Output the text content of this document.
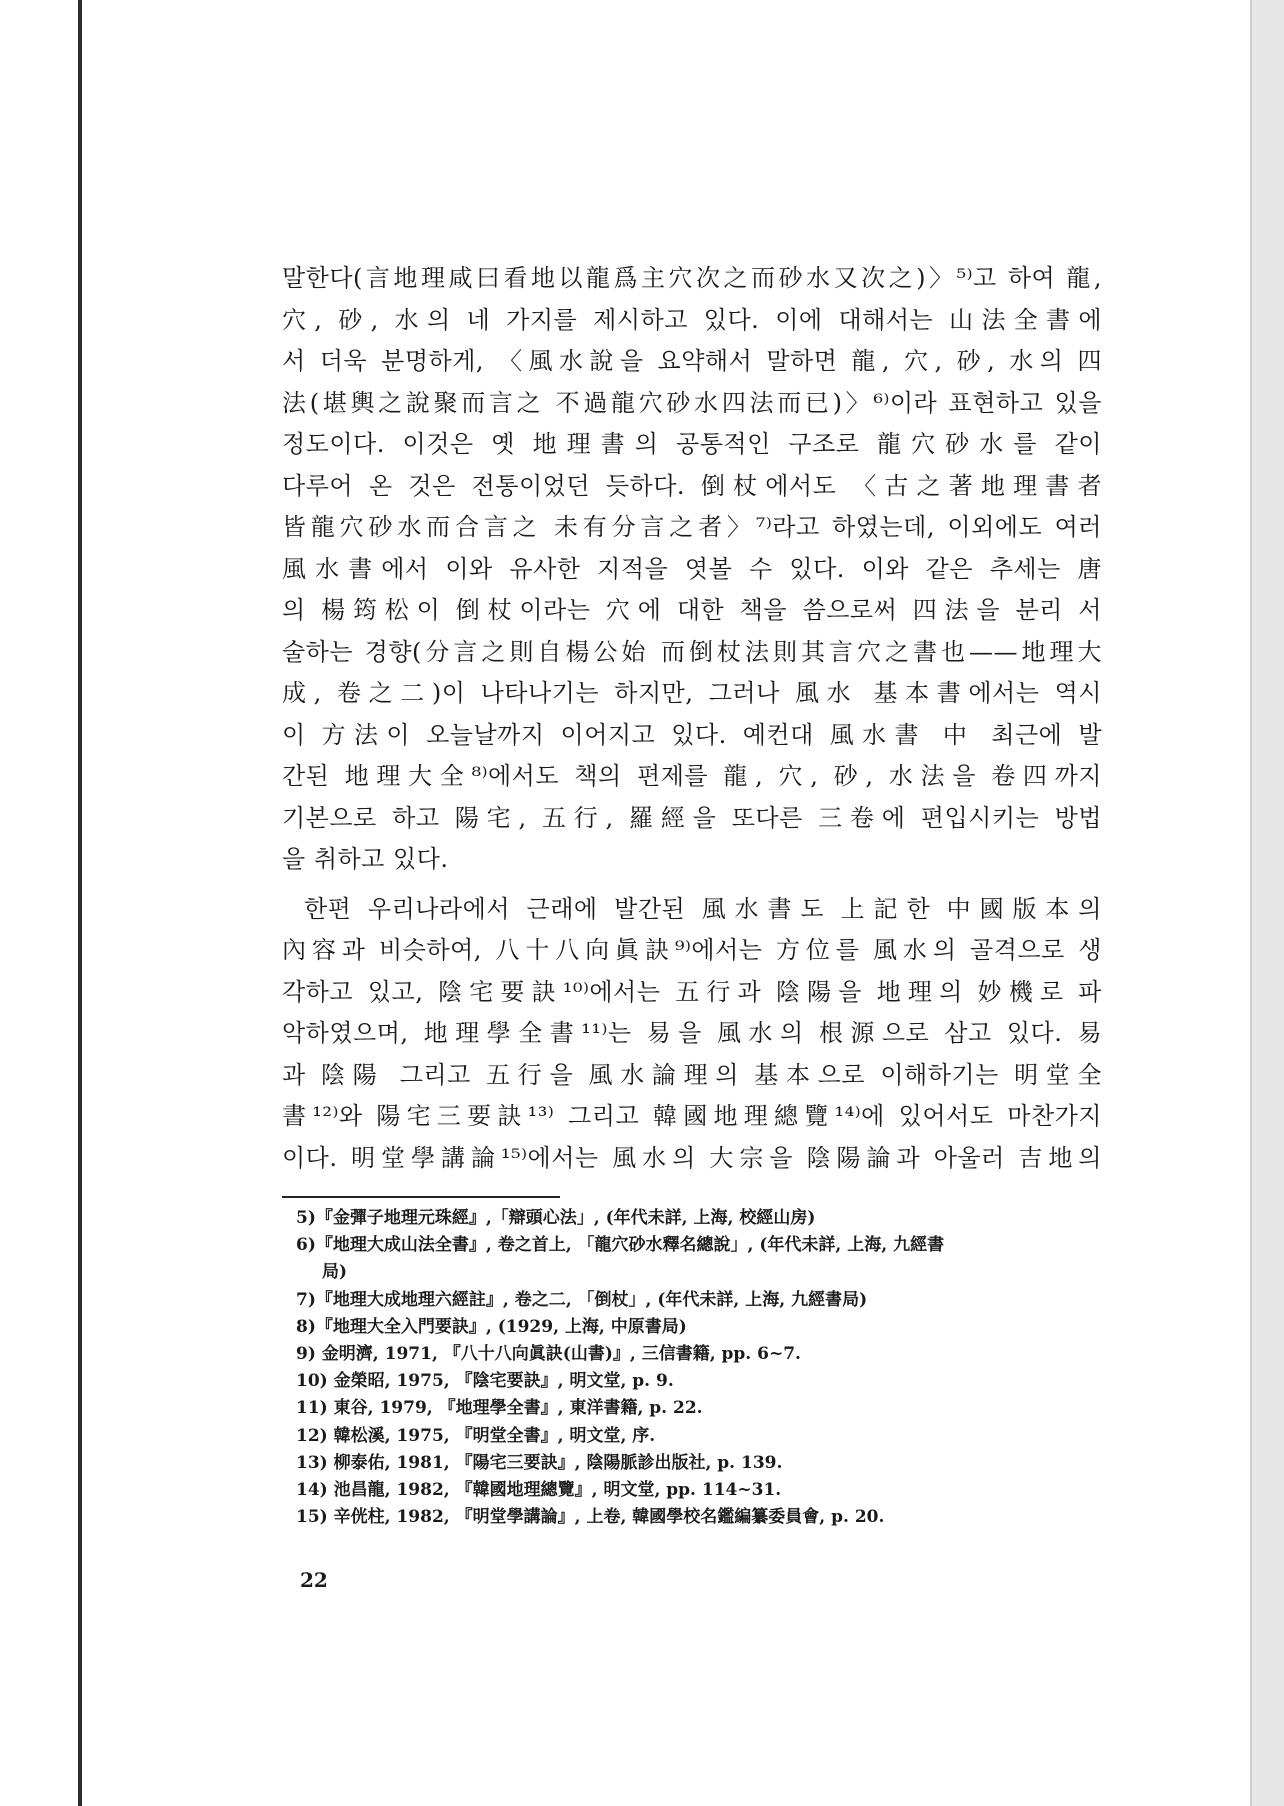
말한다(言地理咸曰看地以龍爲主穴次之而砂水又次之)〉⁵⁾고 하여 龍,
穴, 砂, 水의 네 가지를 제시하고 있다. 이에 대해서는 山法全書에
서 더욱 분명하게, 〈風水說을 요약해서 말하면 龍, 穴, 砂, 水의 四
法(堪輿之說聚而言之 不過龍穴砂水四法而已)〉⁶⁾이라 표현하고 있을
정도이다. 이것은 옛 地理書의 공통적인 구조로 龍穴砂水를 같이
다루어 온 것은 전통이었던 듯하다. 倒杖에서도 〈古之著地理書者
皆龍穴砂水而合言之 未有分言之者〉⁷⁾라고 하였는데, 이외에도 여러
風水書에서 이와 유사한 지적을 엿볼 수 있다. 이와 같은 추세는 唐
의 楊筠松이 倒杖이라는 穴에 대한 책을 씀으로써 四法을 분리 서
술하는 경향(分言之則自楊公始 而倒杖法則其言穴之書也——地理大
成, 卷之二)이 나타나기는 하지만, 그러나 風水 基本書에서는 역시
이 方法이 오늘날까지 이어지고 있다. 예컨대 風水書 中 최근에 발
간된 地理大全⁸⁾에서도 책의 편제를 龍, 穴, 砂, 水法을 卷四까지
기본으로 하고 陽宅, 五行, 羅經을 또다른 三卷에 편입시키는 방법
을 취하고 있다.
한편 우리나라에서 근래에 발간된 風水書도 上記한 中國版本의
內容과 비슷하여, 八十八向眞訣⁹⁾에서는 方位를 風水의 골격으로 생
각하고 있고, 陰宅要訣¹⁰⁾에서는 五行과 陰陽을 地理의 妙機로 파
악하였으며, 地理學全書¹¹⁾는 易을 風水의 根源으로 삼고 있다. 易
과 陰陽 그리고 五行을 風水論理의 基本으로 이해하기는 明堂全
書¹²⁾와 陽宅三要訣¹³⁾ 그리고 韓國地理總覽¹⁴⁾에 있어서도 마찬가지
이다. 明堂學講論¹⁵⁾에서는 風水의 大宗을 陰陽論과 아울러 吉地의
5)『金彈子地理元珠經』,「辯頭心法」, (年代未詳, 上海, 校經山房)
6)『地理大成山法全書』, 卷之首上, 「龍穴砂水釋名總說」, (年代未詳, 上海, 九經書
局)
7)『地理大成地理六經註』, 卷之二, 「倒杖」, (年代未詳, 上海, 九經書局)
8)『地理大全入門要訣』, (1929, 上海, 中原書局)
9) 金明濟, 1971, 『八十八向眞訣(山書)』, 三信書籍, pp. 6~7.
10) 金榮昭, 1975, 『陰宅要訣』, 明文堂, p. 9.
11) 東谷, 1979, 『地理學全書』, 東洋書籍, p. 22.
12) 韓松溪, 1975, 『明堂全書』, 明文堂, 序.
13) 柳泰佑, 1981, 『陽宅三要訣』, 陰陽脈診出版社, p. 139.
14) 池昌龍, 1982, 『韓國地理總覽』, 明文堂, pp. 114~31.
15) 辛侊柱, 1982, 『明堂學講論』, 上卷, 韓國學校名鑑編纂委員會, p. 20.
22
